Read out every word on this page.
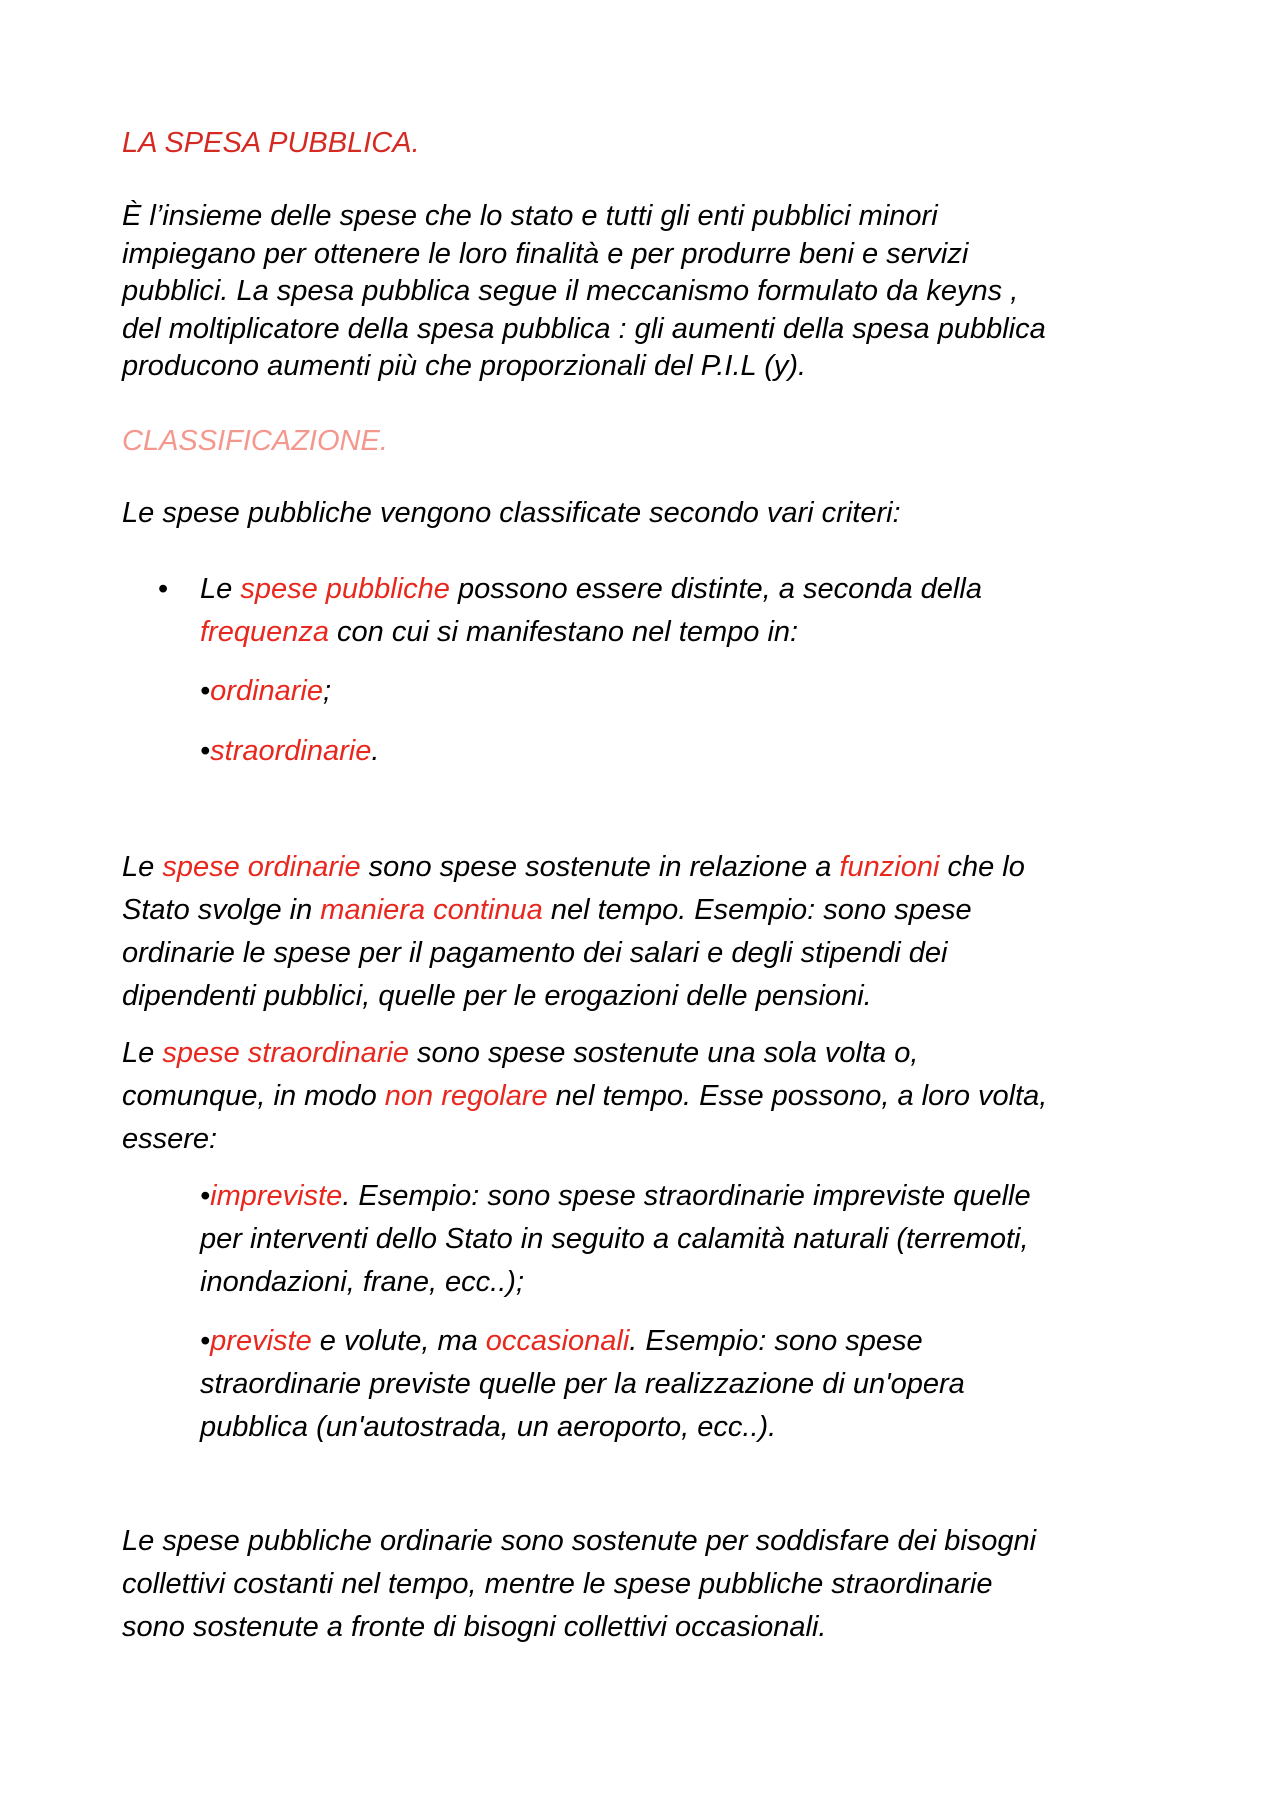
LA SPESA PUBBLICA.
È l’insieme delle spese che lo stato e tutti gli enti pubblici minori
impiegano per ottenere le loro finalità e per produrre beni e servizi
pubblici. La spesa pubblica segue il meccanismo formulato da keyns ,
del moltiplicatore della spesa pubblica : gli aumenti della spesa pubblica
producono aumenti più che proporzionali del P.I.L (y).
CLASSIFICAZIONE.
Le spese pubbliche vengono classificate secondo vari criteri:
• Le spese pubbliche possono essere distinte, a seconda della
frequenza con cui si manifestano nel tempo in:
•ordinarie;
•straordinarie.
Le spese ordinarie sono spese sostenute in relazione a funzioni che lo
Stato svolge in maniera continua nel tempo. Esempio: sono spese
ordinarie le spese per il pagamento dei salari e degli stipendi dei
dipendenti pubblici, quelle per le erogazioni delle pensioni.
Le spese straordinarie sono spese sostenute una sola volta o,
comunque, in modo non regolare nel tempo. Esse possono, a loro volta,
essere:
•impreviste. Esempio: sono spese straordinarie impreviste quelle
per interventi dello Stato in seguito a calamità naturali (terremoti,
inondazioni, frane, ecc..);
•previste e volute, ma occasionali. Esempio: sono spese
straordinarie previste quelle per la realizzazione di un'opera
pubblica (un'autostrada, un aeroporto, ecc..).
Le spese pubbliche ordinarie sono sostenute per soddisfare dei bisogni
collettivi costanti nel tempo, mentre le spese pubbliche straordinarie
sono sostenute a fronte di bisogni collettivi occasionali.
